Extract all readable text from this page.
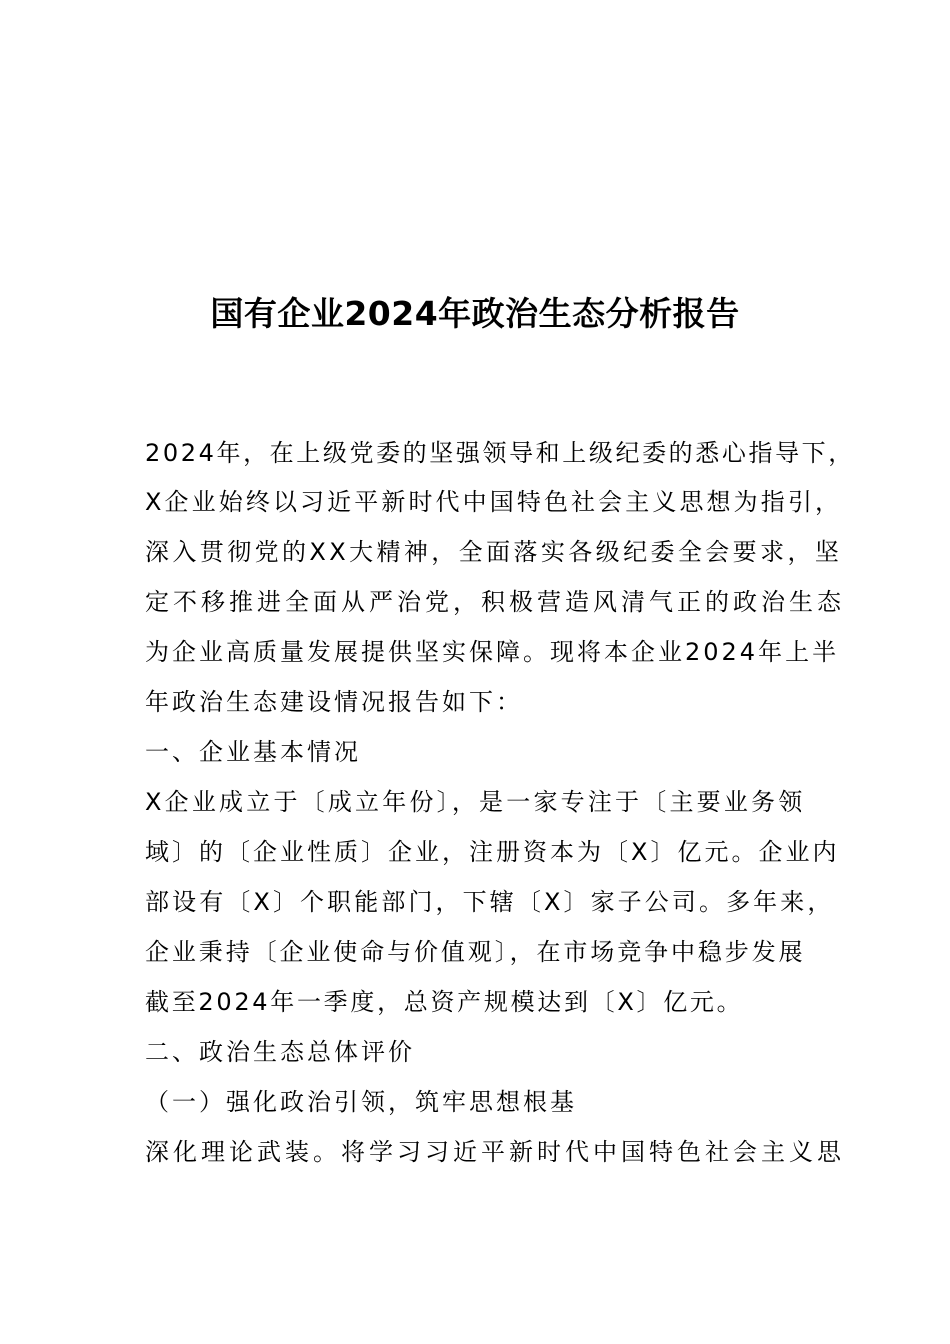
国有企业2024年政治生态分析报告

2024年，在上级党委的坚强领导和上级纪委的悉心指导下，

X企业始终以习近平新时代中国特色社会主义思想为指引，

深入贯彻党的XX大精神，全面落实各级纪委全会要求，坚

定不移推进全面从严治党，积极营造风清气正的政治生态

为企业高质量发展提供坚实保障。现将本企业2024年上半

年政治生态建设情况报告如下：

一、企业基本情况

X企业成立于〔成立年份〕，是一家专注于〔主要业务领

域〕的〔企业性质〕企业，注册资本为〔X〕亿元。企业内

部设有〔X〕个职能部门，下辖〔X〕家子公司。多年来，

企业秉持〔企业使命与价值观〕，在市场竞争中稳步发展

截至2024年一季度，总资产规模达到〔X〕亿元。

二、政治生态总体评价

（一）强化政治引领，筑牢思想根基

深化理论武装。将学习习近平新时代中国特色社会主义思
